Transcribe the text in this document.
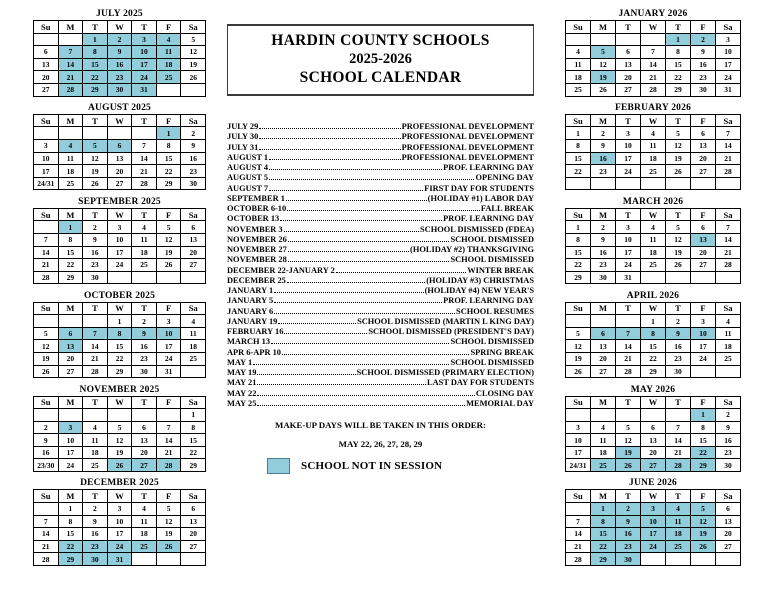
JULY 2025
Su	M	T	W	T	F	Sa
		1	2	3	4	5
6	7	8	9	10	11	12
13	14	15	16	17	18	19
20	21	22	23	24	25	26
27	28	29	30	31		
AUGUST 2025
Su	M	T	W	T	F	Sa
					1	2
3	4	5	6	7	8	9
10	11	12	13	14	15	16
17	18	19	20	21	22	23
24/31	25	26	27	28	29	30
SEPTEMBER 2025
Su	M	T	W	T	F	Sa
	1	2	3	4	5	6
7	8	9	10	11	12	13
14	15	16	17	18	19	20
21	22	23	24	25	26	27
28	29	30				
OCTOBER 2025
Su	M	T	W	T	F	Sa
			1	2	3	4
5	6	7	8	9	10	11
12	13	14	15	16	17	18
19	20	21	22	23	24	25
26	27	28	29	30	31	
NOVEMBER 2025
Su	M	T	W	T	F	Sa
						1
2	3	4	5	6	7	8
9	10	11	12	13	14	15
16	17	18	19	20	21	22
23/30	24	25	26	27	28	29
DECEMBER 2025
Su	M	T	W	T	F	Sa
	1	2	3	4	5	6
7	8	9	10	11	12	13
14	15	16	17	18	19	20
21	22	23	24	25	26	27
28	29	30	31			
HARDIN COUNTY SCHOOLS
2025-2026
SCHOOL CALENDAR
JULY 29	PROFESSIONAL DEVELOPMENT
JULY 30	PROFESSIONAL DEVELOPMENT
JULY 31	PROFESSIONAL DEVELOPMENT
AUGUST 1	PROFESSIONAL DEVELOPMENT
AUGUST 4	PROF. LEARNING DAY
AUGUST 5	OPENING DAY
AUGUST 7	FIRST DAY FOR STUDENTS
SEPTEMBER 1	(HOLIDAY #1) LABOR DAY
OCTOBER 6-10	FALL BREAK
OCTOBER 13	PROF. LEARNING DAY
NOVEMBER 3	SCHOOL DISMISSED (FDEA)
NOVEMBER 26	SCHOOL DISMISSED
NOVEMBER 27	(HOLIDAY #2) THANKSGIVING
NOVEMBER 28	SCHOOL DISMISSED
DECEMBER 22-JANUARY 2	WINTER BREAK
DECEMBER 25	(HOLIDAY #3) CHRISTMAS
JANUARY 1	(HOLIDAY #4) NEW YEAR'S
JANUARY 5	PROF. LEARNING DAY
JANUARY 6	SCHOOL RESUMES
JANUARY 19	SCHOOL DISMISSED (MARTIN L KING DAY)
FEBRUARY 16	SCHOOL DISMISSED (PRESIDENT'S DAY)
MARCH 13	SCHOOL DISMISSED
APR 6-APR 10	SPRING BREAK
MAY 1	SCHOOL DISMISSED
MAY 19	SCHOOL DISMISSED (PRIMARY ELECTION)
MAY 21	LAST DAY FOR STUDENTS
MAY 22	CLOSING DAY
MAY 25	MEMORIAL DAY
MAKE-UP DAYS WILL BE TAKEN IN THIS ORDER:
MAY 22, 26, 27, 28, 29
SCHOOL NOT IN SESSION
JANUARY 2026
Su	M	T	W	T	F	Sa
				1	2	3
4	5	6	7	8	9	10
11	12	13	14	15	16	17
18	19	20	21	22	23	24
25	26	27	28	29	30	31
FEBRUARY 2026
Su	M	T	W	T	F	Sa
1	2	3	4	5	6	7
8	9	10	11	12	13	14
15	16	17	18	19	20	21
22	23	24	25	26	27	28

MARCH 2026
Su	M	T	W	T	F	Sa
1	2	3	4	5	6	7
8	9	10	11	12	13	14
15	16	17	18	19	20	21
22	23	24	25	26	27	28
29	30	31				
APRIL 2026
Su	M	T	W	T	F	Sa
			1	2	3	4
5	6	7	8	9	10	11
12	13	14	15	16	17	18
19	20	21	22	23	24	25
26	27	28	29	30		
MAY 2026
Su	M	T	W	T	F	Sa
					1	2
3	4	5	6	7	8	9
10	11	12	13	14	15	16
17	18	19	20	21	22	23
24/31	25	26	27	28	29	30
JUNE 2026
Su	M	T	W	T	F	Sa
	1	2	3	4	5	6
7	8	9	10	11	12	13
14	15	16	17	18	19	20
21	22	23	24	25	26	27
28	29	30				
